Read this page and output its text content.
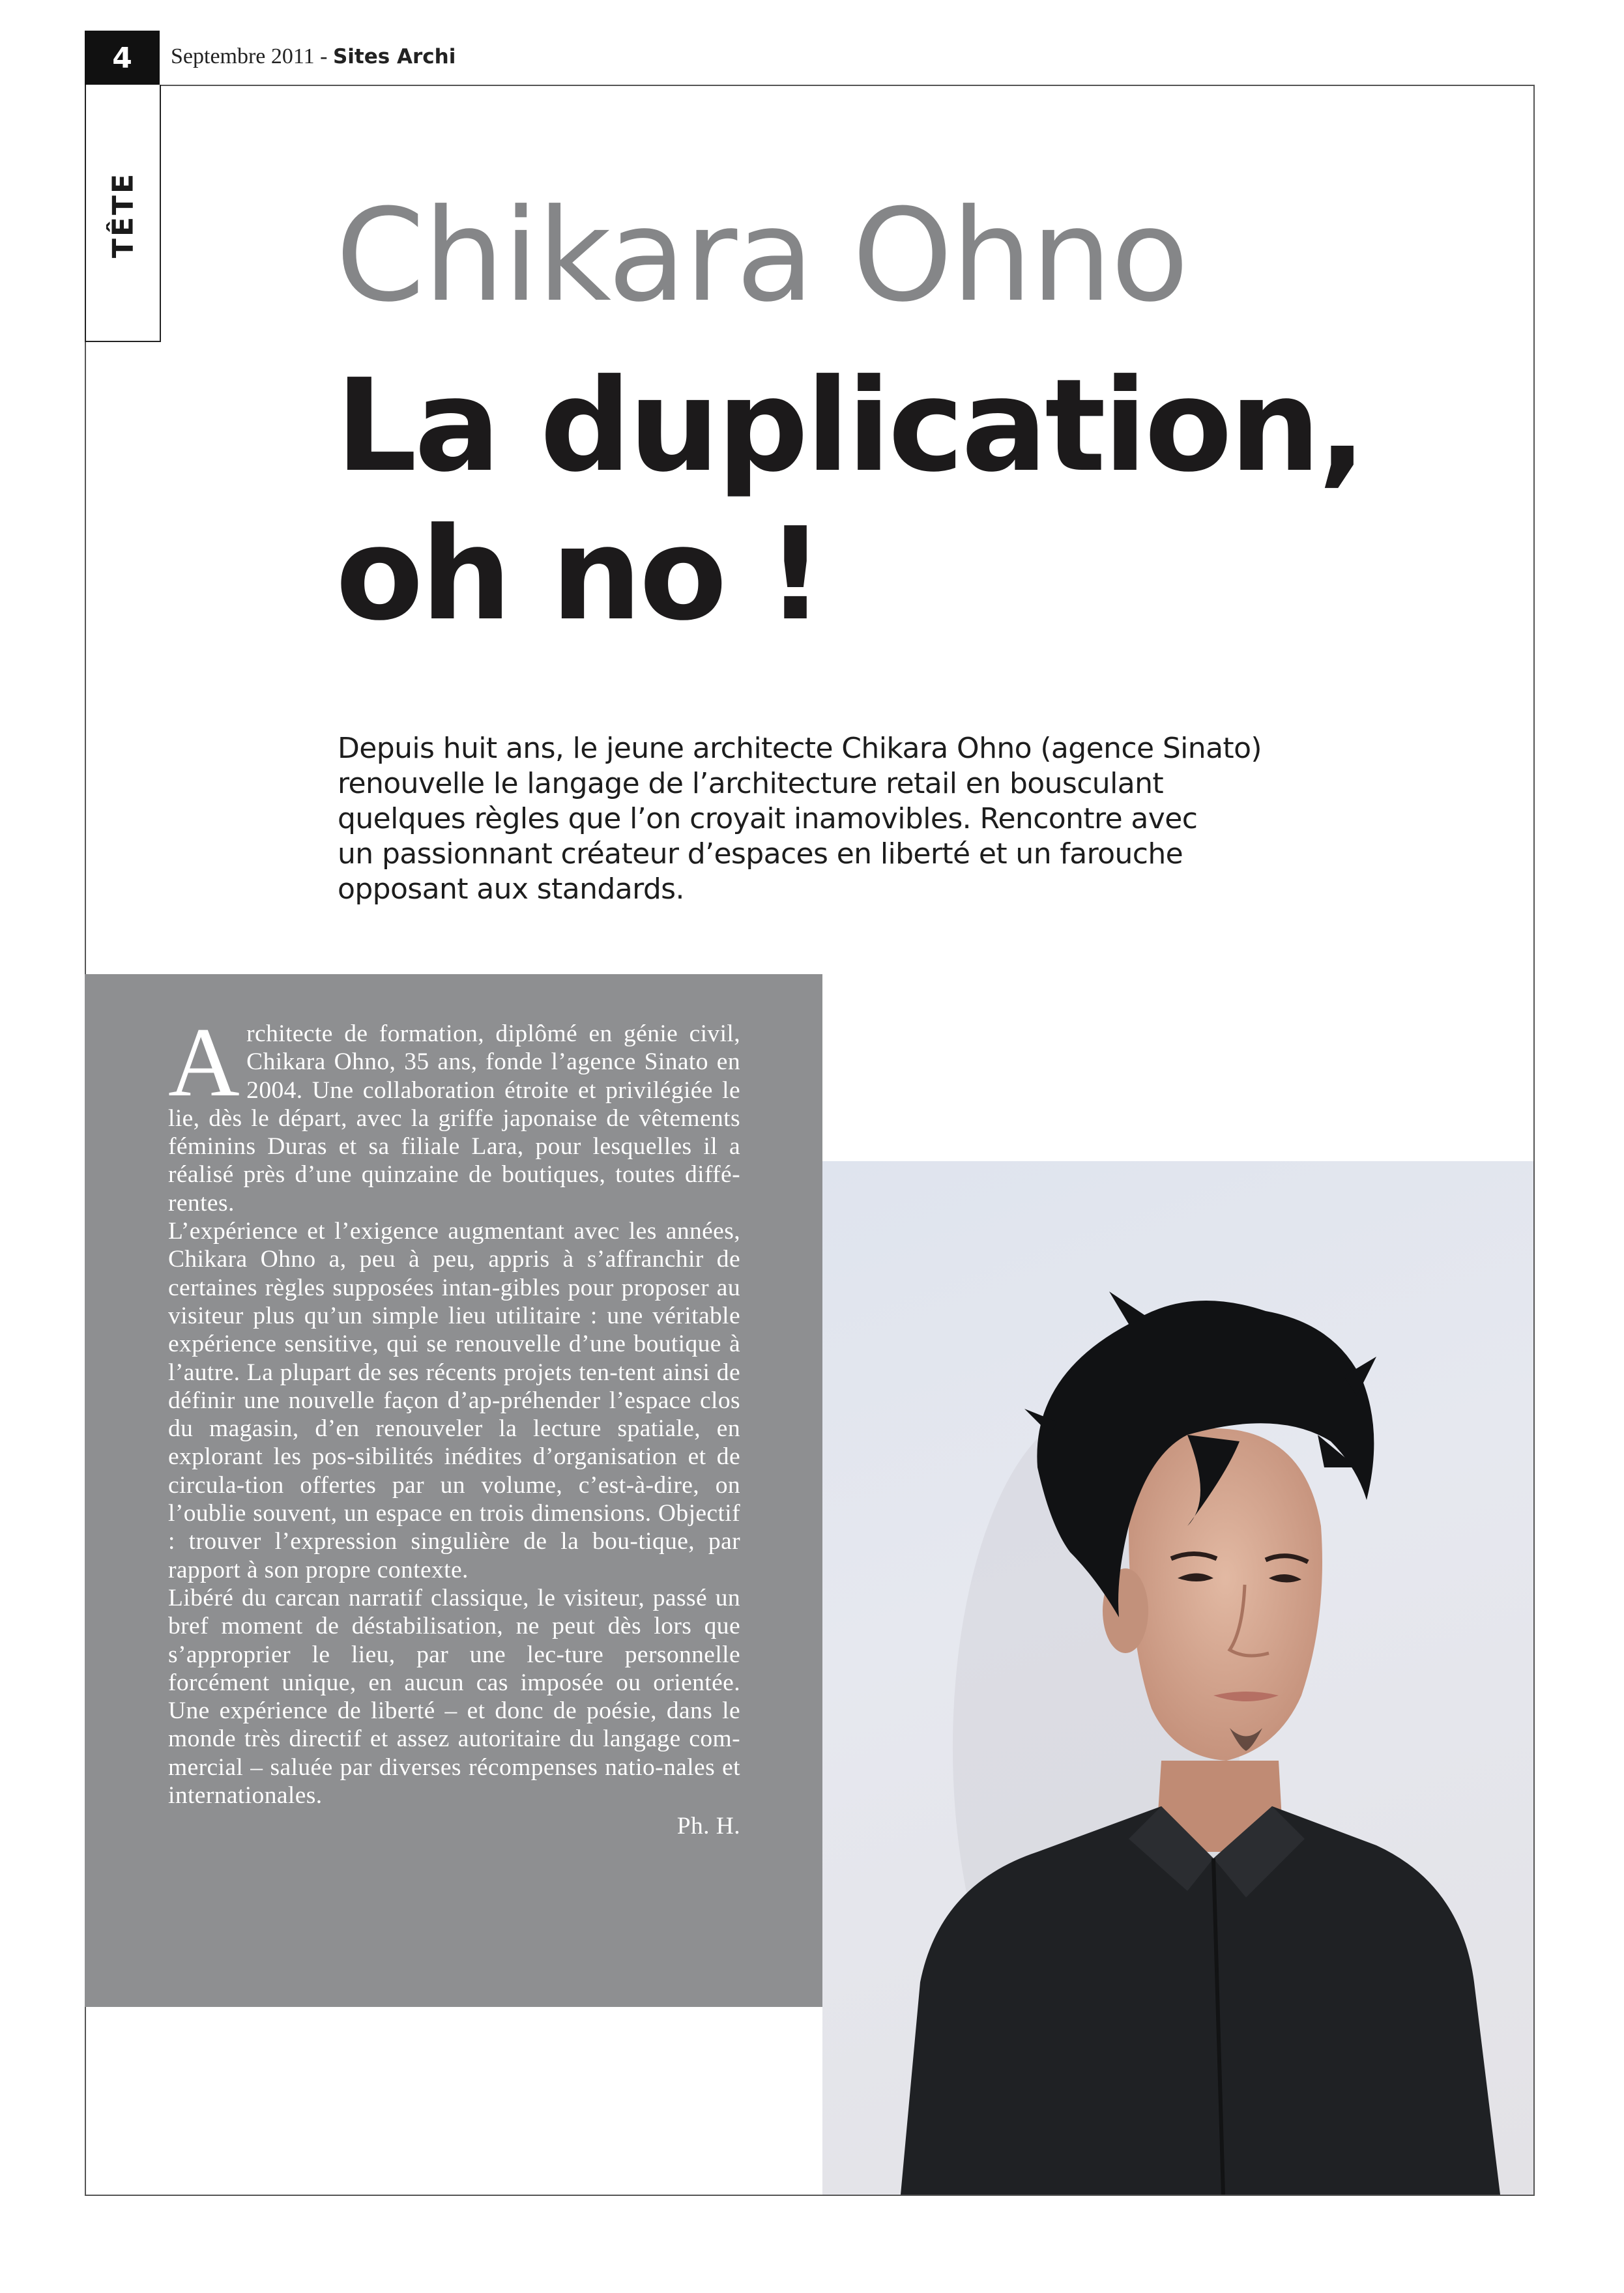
4	Septembre 2011 - Sites Archi
TÊTE Chikara Ohno
La duplication,
oh no !
Depuis huit ans, le jeune architecte Chikara Ohno (agence Sinato)
renouvelle le langage de l’architecture retail en bousculant
quelques règles que l’on croyait inamovibles. Rencontre avec
un passionnant créateur d’espaces en liberté et un farouche
opposant aux standards.

Architecte de formation, diplômé en génie civil, Chikara Ohno, 35 ans, fonde l’agence Sinato en 2004. Une collaboration étroite et privilégiée le lie, dès le départ, avec la griffe japonaise de vêtements féminins Duras et sa filiale Lara, pour lesquelles il a réalisé près d’une quinzaine de boutiques, toutes diffé-rentes.

L’expérience et l’exigence augmentant avec les années, Chikara Ohno a, peu à peu, appris à s’affranchir de certaines règles supposées intan-gibles pour proposer au visiteur plus qu’un simple lieu utilitaire : une véritable expérience sensitive, qui se renouvelle d’une boutique à l’autre. La plupart de ses récents projets ten-tent ainsi de définir une nouvelle façon d’ap-préhender l’espace clos du magasin, d’en renouveler la lecture spatiale, en explorant les pos-sibilités inédites d’organisation et de circula-tion offertes par un volume, c’est-à-dire, on l’oublie souvent, un espace en trois dimensions. Objectif : trouver l’expression singulière de la bou-tique, par rapport à son propre contexte.

Libéré du carcan narratif classique, le visiteur, passé un bref moment de déstabilisation, ne peut dès lors que s’approprier le lieu, par une lec-ture personnelle forcément unique, en aucun cas imposée ou orientée. Une expérience de liberté – et donc de poésie, dans le monde très directif et assez autoritaire du langage com-mercial – saluée par diverses récompenses natio-nales et internationales.

Ph. H.
